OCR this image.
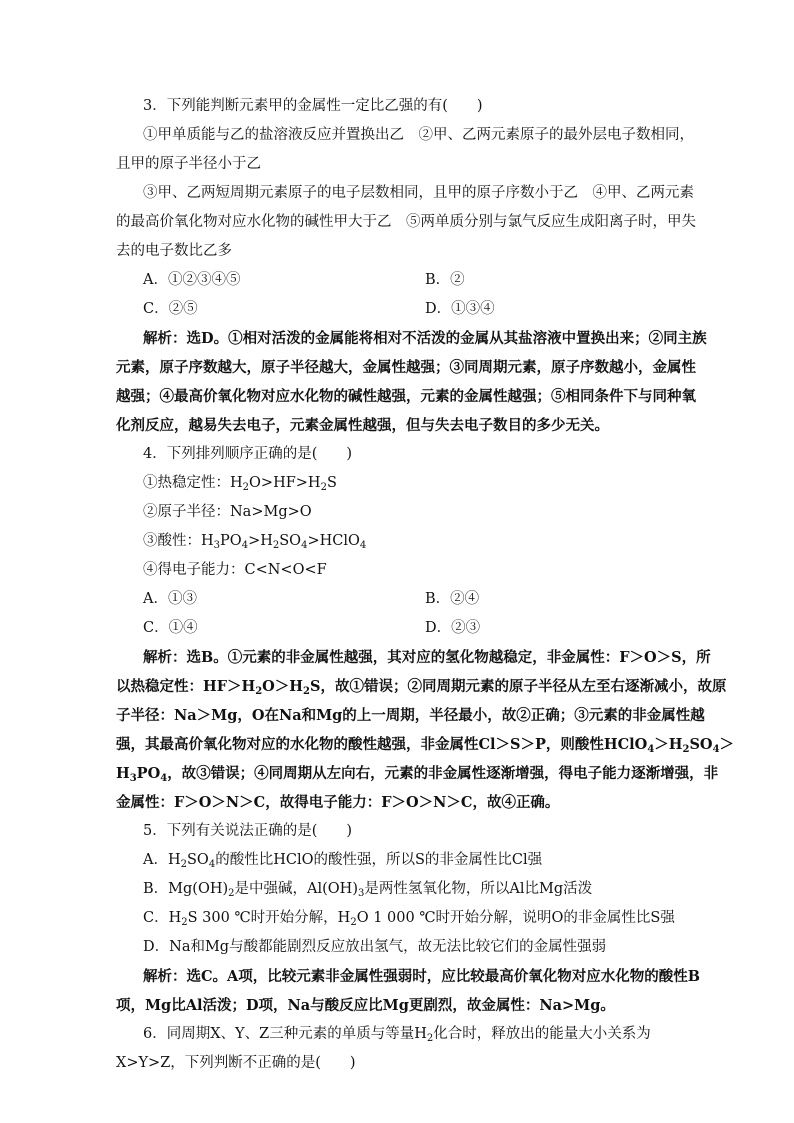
3．下列能判断元素甲的金属性一定比乙强的有(　　)
①甲单质能与乙的盐溶液反应并置换出乙　②甲、乙两元素原子的最外层电子数相同，
且甲的原子半径小于乙
③甲、乙两短周期元素原子的电子层数相同，且甲的原子序数小于乙　④甲、乙两元素
的最高价氧化物对应水化物的碱性甲大于乙　⑤两单质分别与氯气反应生成阳离子时，甲失
去的电子数比乙多
A．①②③④⑤	B．②
C．②⑤	D．①③④
解析：选D。①相对活泼的金属能将相对不活泼的金属从其盐溶液中置换出来；②同主族
元素，原子序数越大，原子半径越大，金属性越强；③同周期元素，原子序数越小，金属性
越强；④最高价氧化物对应水化物的碱性越强，元素的金属性越强；⑤相同条件下与同种氧
化剂反应，越易失去电子，元素金属性越强，但与失去电子数目的多少无关。
4．下列排列顺序正确的是(　　)
①热稳定性：$H_2O>HF>H_2S$
②原子半径：Na>Mg>O
③酸性：$H_3PO_4>H_2SO_4>HClO_4$
④得电子能力：C<N<O<F
A．①③	B．②④
C．①④	D．②③
解析：选B。①元素的非金属性越强，其对应的氢化物越稳定，非金属性：F＞O＞S，所
以热稳定性：$HF>H_2O>H_2S$，故①错误；②同周期元素的原子半径从左至右逐渐减小，故原
子半径：Na＞Mg，O在Na和Mg的上一周期，半径最小，故②正确；③元素的非金属性越
强，其最高价氧化物对应的水化物的酸性越强，非金属性Cl＞S＞P，则酸性$HClO_4>H_2SO_4>$
$H_3PO_4$，故③错误；④同周期从左向右，元素的非金属性逐渐增强，得电子能力逐渐增强，非
金属性：F＞O＞N＞C，故得电子能力：F＞O＞N＞C，故④正确。
5．下列有关说法正确的是(　　)
A．$H_2SO_4$的酸性比HClO的酸性强，所以S的非金属性比Cl强
B．$Mg(OH)_2$是中强碱，$Al(OH)_3$是两性氢氧化物，所以Al比Mg活泼
C．$H_2S$ 300 ℃时开始分解，$H_2O$ 1 000 ℃时开始分解，说明O的非金属性比S强
D．Na和Mg与酸都能剧烈反应放出氢气，故无法比较它们的金属性强弱
解析：选C。A项，比较元素非金属性强弱时，应比较最高价氧化物对应水化物的酸性B
项，Mg比Al活泼；D项，Na与酸反应比Mg更剧烈，故金属性：Na>Mg。
6．同周期X、Y、Z三种元素的单质与等量$H_2$化合时，释放出的能量大小关系为
X>Y>Z，下列判断不正确的是(　　)
